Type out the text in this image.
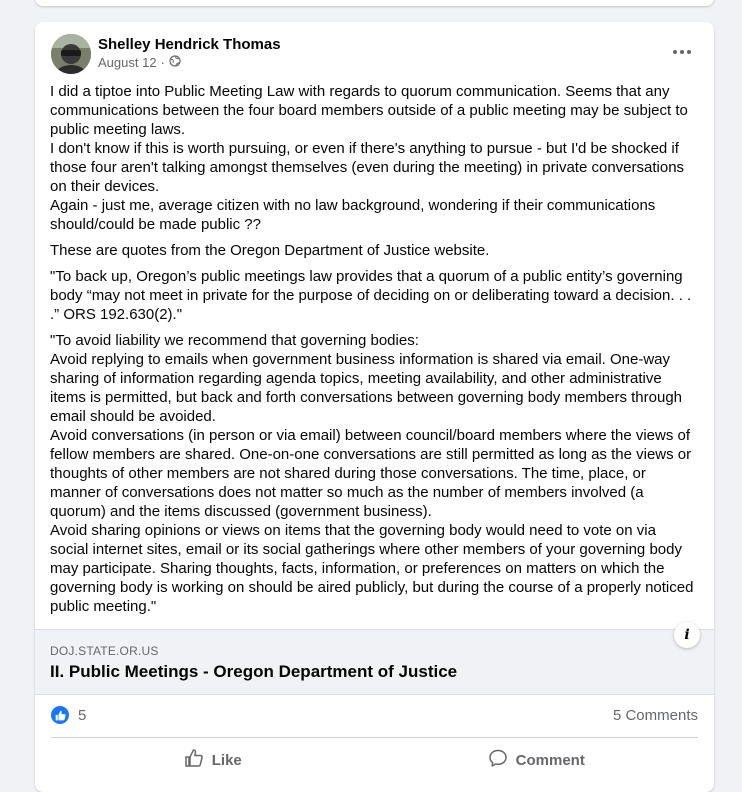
Shelley Hendrick Thomas
August 12 ·

I did a tiptoe into Public Meeting Law with regards to quorum communication. Seems that any communications between the four board members outside of a public meeting may be subject to public meeting laws.
I don't know if this is worth pursuing, or even if there's anything to pursue - but I'd be shocked if those four aren't talking amongst themselves (even during the meeting) in private conversations on their devices.
Again - just me, average citizen with no law background, wondering if their communications should/could be made public ??

These are quotes from the Oregon Department of Justice website.

"To back up, Oregon’s public meetings law provides that a quorum of a public entity’s governing body “may not meet in private for the purpose of deciding on or deliberating toward a decision. . . .” ORS 192.630(2)."

"To avoid liability we recommend that governing bodies:
Avoid replying to emails when government business information is shared via email. One-way sharing of information regarding agenda topics, meeting availability, and other administrative items is permitted, but back and forth conversations between governing body members through email should be avoided.
Avoid conversations (in person or via email) between council/board members where the views of fellow members are shared. One-on-one conversations are still permitted as long as the views or thoughts of other members are not shared during those conversations. The time, place, or manner of conversations does not matter so much as the number of members involved (a quorum) and the items discussed (government business).
Avoid sharing opinions or views on items that the governing body would need to vote on via social internet sites, email or its social gatherings where other members of your governing body may participate. Sharing thoughts, facts, information, or preferences on matters on which the governing body is working on should be aired publicly, but during the course of a properly noticed public meeting."

DOJ.STATE.OR.US
II. Public Meetings - Oregon Department of Justice
i
5	5 Comments
Like	Comment
